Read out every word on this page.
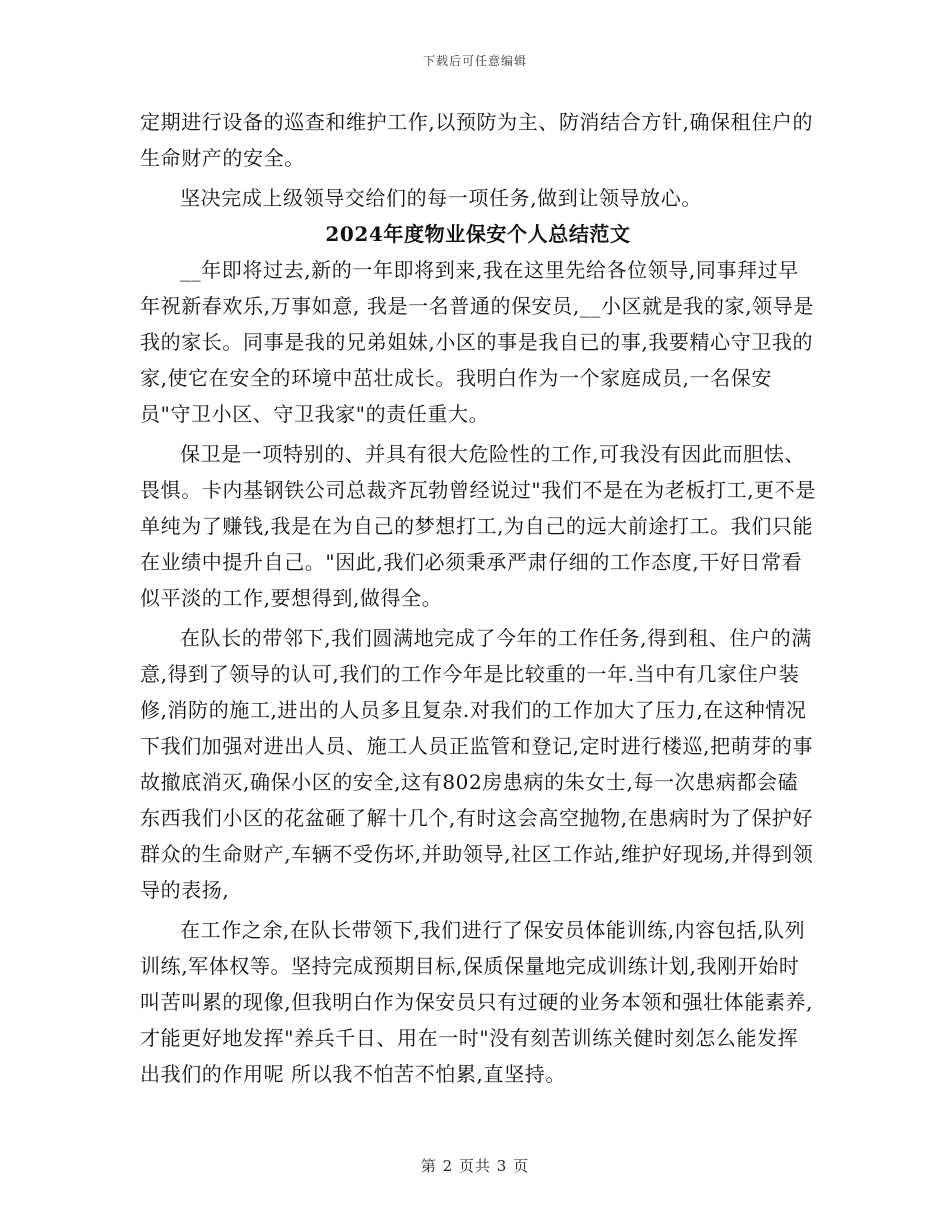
下载后可任意编辑

定期进行设备的巡查和维护工作,以预防为主、防消结合方针,确保租住户的生命财产的安全。

坚决完成上级领导交给们的每一项任务,做到让领导放心。

2024年度物业保安个人总结范文

__年即将过去,新的一年即将到来,我在这里先给各位领导,同事拜过早年祝新春欢乐,万事如意, 我是一名普通的保安员,__小区就是我的家,领导是我的家长。同事是我的兄弟姐妹,小区的事是我自已的事,我要精心守卫我的家,使它在安全的环境中茁壮成长。我明白作为一个家庭成员,一名保安员"守卫小区、守卫我家"的责任重大。

保卫是一项特别的、并具有很大危险性的工作,可我没有因此而胆怯、畏惧。卡内基钢铁公司总裁齐瓦勃曾经说过"我们不是在为老板打工,更不是单纯为了赚钱,我是在为自己的梦想打工,为自己的远大前途打工。我们只能在业绩中提升自己。"因此,我们必须秉承严肃仔细的工作态度,干好日常看似平淡的工作,要想得到,做得全。

在队长的带邻下,我们圆满地完成了今年的工作任务,得到租、住户的满意,得到了领导的认可,我们的工作今年是比较重的一年.当中有几家住户装修,消防的施工,进出的人员多且复杂.对我们的工作加大了压力,在这种情况下我们加强对进出人员、施工人员正监管和登记,定时进行楼巡,把萌芽的事故撤底消灭,确保小区的安全,这有802房患病的朱女士,每一次患病都会磕东西我们小区的花盆砸了解十几个,有时这会高空抛物,在患病时为了保护好群众的生命财产,车辆不受伤坏,并助领导,社区工作站,维护好现场,并得到领导的表扬,

在工作之余,在队长带领下,我们进行了保安员体能训练,内容包括,队列训练,军体权等。坚持完成预期目标,保质保量地完成训练计划,我刚开始时叫苦叫累的现像,但我明白作为保安员只有过硬的业务本领和强壮体能素养,才能更好地发挥"养兵千日、用在一时"没有刻苦训练关健时刻怎么能发挥出我们的作用呢 所以我不怕苦不怕累,直坚持。

第 2 页共 3 页
